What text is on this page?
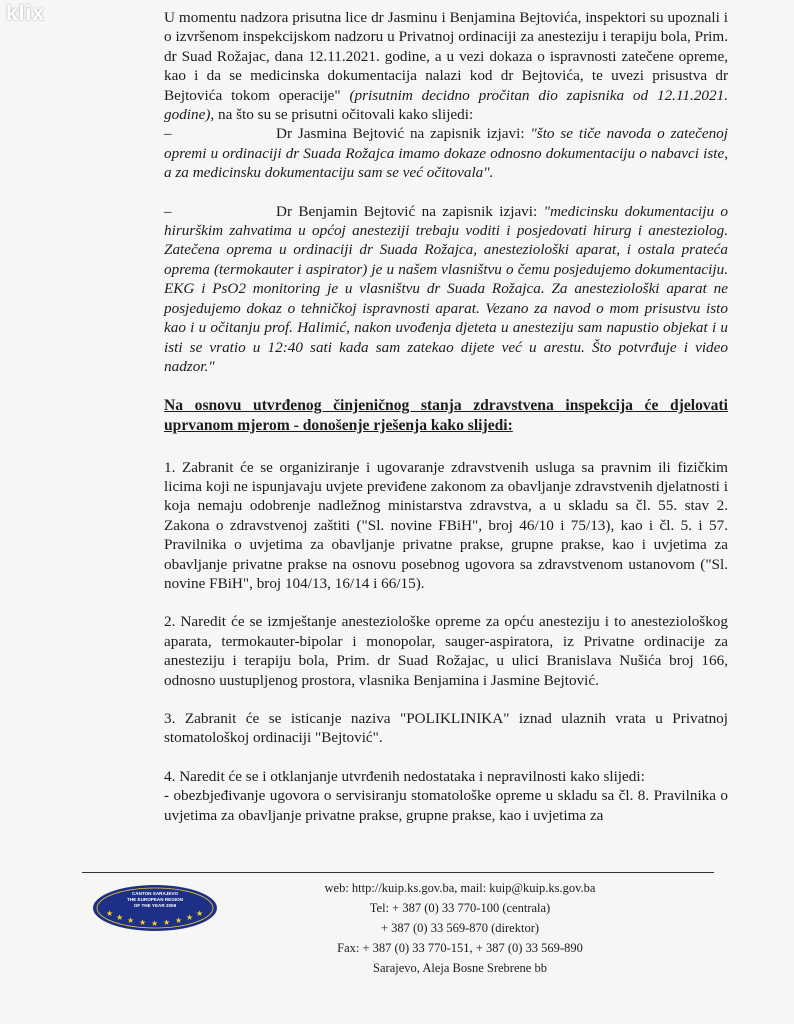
klix	U momentu nadzora prisutna lice dr Jasminu i Benjamina Bejtovića, inspektori su upoznali i o izvršenom inspekcijskom nadzoru u Privatnoj ordinaciji za anesteziju i terapiju bola, Prim. dr Suad Rožajac, dana 12.11.2021. godine, a u vezi dokaza o ispravnosti zatečene opreme, kao i da se medicinska dokumentacija nalazi kod dr Bejtovića, te uvezi prisustva dr Bejtovića tokom operacije" (prisutnim decidno pročitan dio zapisnika od 12.11.2021. godine), na što su se prisutni očitovali kako slijedi:

–	Dr Jasmina Bejtović na zapisnik izjavi: "što se tiče navoda o zatečenoj opremi u ordinaciji dr Suada Rožajca imamo dokaze odnosno dokumentaciju o nabavci iste, a za medicinsku dokumentaciju sam se već očitovala".

–	Dr Benjamin Bejtović na zapisnik izjavi: "medicinsku dokumentaciju o hirurškim zahvatima u općoj anesteziji trebaju voditi i posjedovati hirurg i anesteziolog. Zatečena oprema u ordinaciji dr Suada Rožajca, anesteziološki aparat, i ostala prateća oprema (termokauter i aspirator) je u našem vlasništvu o čemu posjedujemo dokumentaciju. EKG i PsO2 monitoring je u vlasništvu dr Suada Rožajca. Za anesteziološki aparat ne posjedujemo dokaz o tehničkoj ispravnosti aparat. Vezano za navod o mom prisustvu isto kao i u očitanju prof. Halimić, nakon uvođenja djeteta u anesteziju sam napustio objekat i u isti se vratio u 12:40 sati kada sam zatekao dijete već u arestu. Što potvrđuje i video nadzor."

Na osnovu utvrđenog činjeničnog stanja zdravstvena inspekcija će djelovati uprvanom mjerom - donošenje rješenja kako slijedi:

1. Zabranit će se organiziranje i ugovaranje zdravstvenih usluga sa pravnim ili fizičkim licima koji ne ispunjavaju uvjete previđene zakonom za obavljanje zdravstvenih djelatnosti i koja nemaju odobrenje nadležnog ministarstva zdravstva, a u skladu sa čl. 55. stav 2. Zakona o zdravstvenoj zaštiti ("Sl. novine FBiH", broj 46/10 i 75/13), kao i čl. 5. i 57. Pravilnika o uvjetima za obavljanje privatne prakse, grupne prakse, kao i uvjetima za obavljanje privatne prakse na osnovu posebnog ugovora sa zdravstvenom ustanovom ("Sl. novine FBiH", broj 104/13, 16/14 i 66/15).

2. Naredit će se izmještanje anesteziološke opreme za opću anesteziju i to anesteziološkog aparata, termokauter-bipolar i monopolar, sauger-aspiratora, iz Privatne ordinacije za anesteziju i terapiju bola, Prim. dr Suad Rožajac, u ulici Branislava Nušića broj 166, odnosno uustupljenog prostora, vlasnika Benjamina i Jasmine Bejtović.

3. Zabranit će se isticanje naziva "POLIKLINIKA" iznad ulaznih vrata u Privatnoj stomatološkoj ordinaciji "Bejtović".

4. Naredit će se i otklanjanje utvrđenih nedostataka i nepravilnosti kako slijedi:

- obezbjeđivanje ugovora o servisiranju stomatološke opreme u skladu sa čl. 8. Pravilnika o uvjetima za obavljanje privatne prakse, grupne prakse, kao i uvjetima za

CANTON SARAJEVO
THE EUROPEAN REGION
OF THE YEAR 2006
★ ★ ★ ★ ★ ★ ★ ★ ★
web: http://kuip.ks.gov.ba, mail: kuip@kuip.ks.gov.ba
Tel: + 387 (0) 33 770-100 (centrala)
+ 387 (0) 33 569-870 (direktor)
Fax: + 387 (0) 33 770-151, + 387 (0) 33 569-890
Sarajevo, Aleja Bosne Srebrene bb
